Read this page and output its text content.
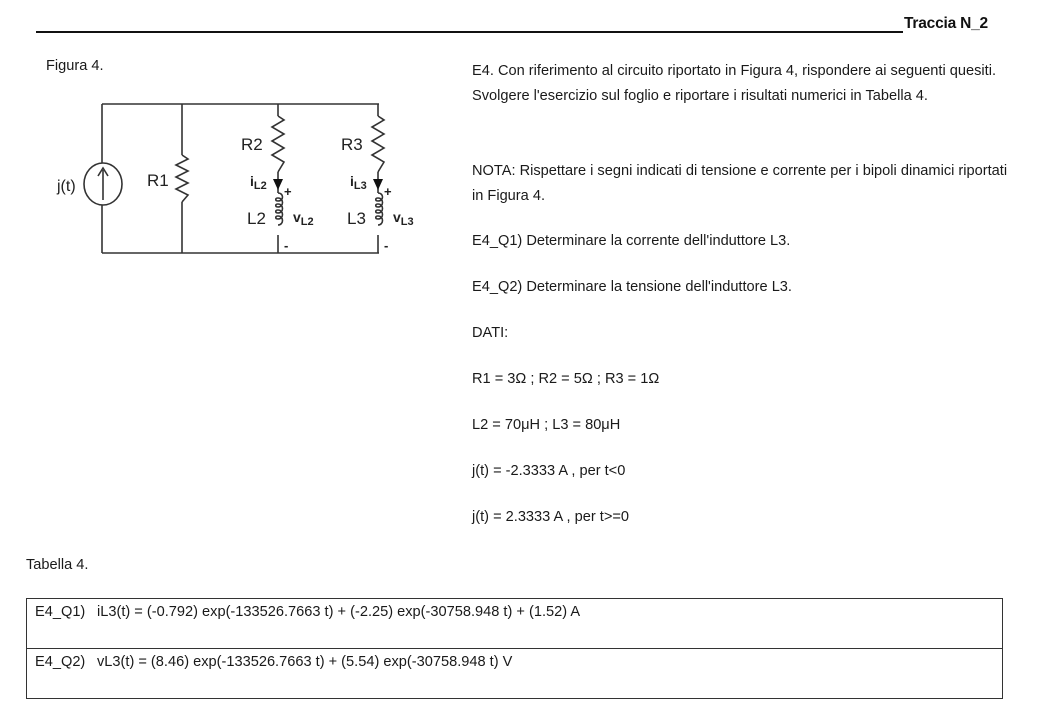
Traccia N_2
Figura 4.
j(t)	R1
R2	R3
L2	L3
$i_{L2}$	$i_{L3}$
$v_{L2}$	$v_{L3}$
+	+
-	-
E4. Con riferimento al circuito riportato in Figura 4, rispondere ai seguenti quesiti. Svolgere l'esercizio sul foglio e riportare i risultati numerici in Tabella 4.
NOTA: Rispettare i segni indicati di tensione e corrente per i bipoli dinamici riportati in Figura 4.
E4_Q1) Determinare la corrente dell'induttore L3.
E4_Q2) Determinare la tensione dell'induttore L3.
DATI:
R1 = 3Ω ; R2 = 5Ω ; R3 = 1Ω
L2 = 70μH ; L3 = 80μH
j(t) = -2.3333 A , per t<0
j(t) = 2.3333 A , per t>=0
Tabella 4.
E4_Q1) iL3(t) = (-0.792) exp(-133526.7663 t) + (-2.25) exp(-30758.948 t) + (1.52) A
E4_Q2) vL3(t) = (8.46) exp(-133526.7663 t) + (5.54) exp(-30758.948 t) V
